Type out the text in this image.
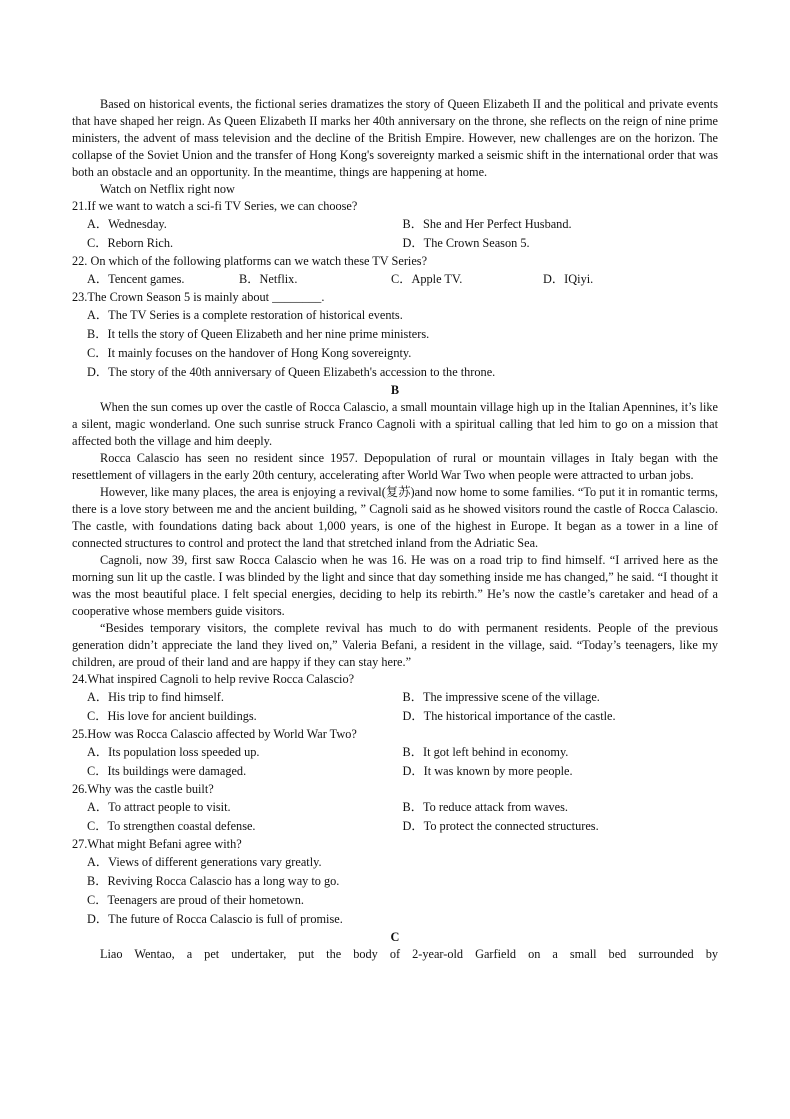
Based on historical events, the fictional series dramatizes the story of Queen Elizabeth II and the political and private events that have shaped her reign. As Queen Elizabeth II marks her 40th anniversary on the throne, she reflects on the reign of nine prime ministers, the advent of mass television and the decline of the British Empire. However, new challenges are on the horizon. The collapse of the Soviet Union and the transfer of Hong Kong's sovereignty marked a seismic shift in the international order that was both an obstacle and an opportunity. In the meantime, things are happening at home.

Watch on Netflix right now

21.If we want to watch a sci-fi TV Series, we can choose?

A．Wednesday.	B．She and Her Perfect Husband.
C．Reborn Rich.	D．The Crown Season 5.

22. On which of the following platforms can we watch these TV Series?

A．Tencent games.	B．Netflix.	C．Apple TV.	D．IQiyi.

23.The Crown Season 5 is mainly about ________.

A．The TV Series is a complete restoration of historical events.
B．It tells the story of Queen Elizabeth and her nine prime ministers.
C．It mainly focuses on the handover of Hong Kong sovereignty.
D．The story of the 40th anniversary of Queen Elizabeth's accession to the throne.

B

When the sun comes up over the castle of Rocca Calascio, a small mountain village high up in the Italian Apennines, it’s like a silent, magic wonderland. One such sunrise struck Franco Cagnoli with a spiritual calling that led him to go on a mission that affected both the village and him deeply.

Rocca Calascio has seen no resident since 1957. Depopulation of rural or mountain villages in Italy began with the resettlement of villagers in the early 20th century, accelerating after World War Two when people were attracted to urban jobs.

However, like many places, the area is enjoying a revival(复苏)and now home to some families. “To put it in romantic terms, there is a love story between me and the ancient building, ” Cagnoli said as he showed visitors round the castle of Rocca Calascio. The castle, with foundations dating back about 1,000 years, is one of the highest in Europe. It began as a tower in a line of connected structures to control and protect the land that stretched inland from the Adriatic Sea.

Cagnoli, now 39, first saw Rocca Calascio when he was 16. He was on a road trip to find himself. “I arrived here as the morning sun lit up the castle. I was blinded by the light and since that day something inside me has changed,” he said. “I thought it was the most beautiful place. I felt special energies, deciding to help its rebirth.” He’s now the castle’s caretaker and head of a cooperative whose members guide visitors.

“Besides temporary visitors, the complete revival has much to do with permanent residents. People of the previous generation didn’t appreciate the land they lived on,” Valeria Befani, a resident in the village, said. “Today’s teenagers, like my children, are proud of their land and are happy if they can stay here.”

24.What inspired Cagnoli to help revive Rocca Calascio?

A．His trip to find himself.	B．The impressive scene of the village.
C．His love for ancient buildings.	D．The historical importance of the castle.

25.How was Rocca Calascio affected by World War Two?

A．Its population loss speeded up.	B．It got left behind in economy.
C．Its buildings were damaged.	D．It was known by more people.

26.Why was the castle built?

A．To attract people to visit.	B．To reduce attack from waves.
C．To strengthen coastal defense.	D．To protect the connected structures.

27.What might Befani agree with?

A．Views of different generations vary greatly.
B．Reviving Rocca Calascio has a long way to go.
C．Teenagers are proud of their hometown.
D．The future of Rocca Calascio is full of promise.

C

Liao Wentao, a pet undertaker, put the body of 2-year-old Garfield on a small bed surrounded by
